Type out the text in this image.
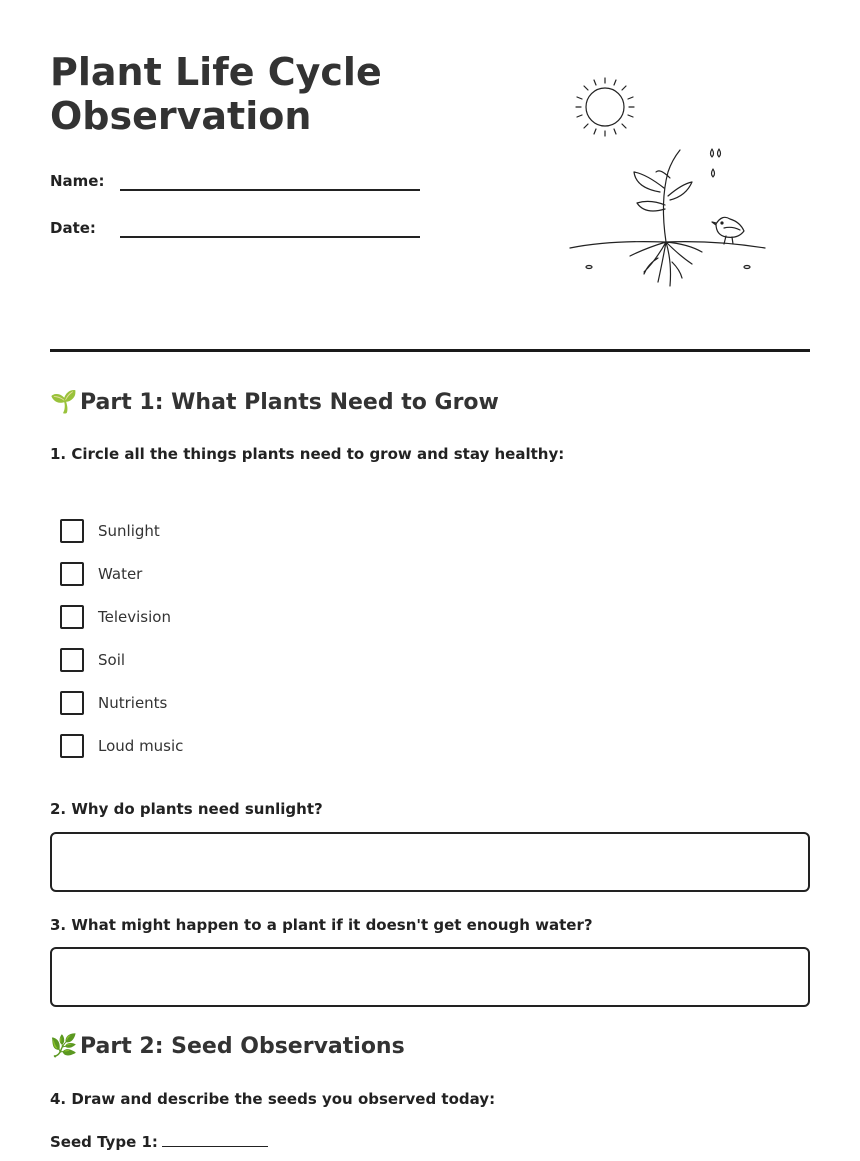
Plant Life Cycle Observation
Name:
Date:
🌱 Part 1: What Plants Need to Grow

1. Circle all the things plants need to grow and stay healthy:

Sunlight
Water
Television
Soil
Nutrients
Loud music

2. Why do plants need sunlight?

3. What might happen to a plant if it doesn't get enough water?

🌿 Part 2: Seed Observations

4. Draw and describe the seeds you observed today:

Seed Type 1:
